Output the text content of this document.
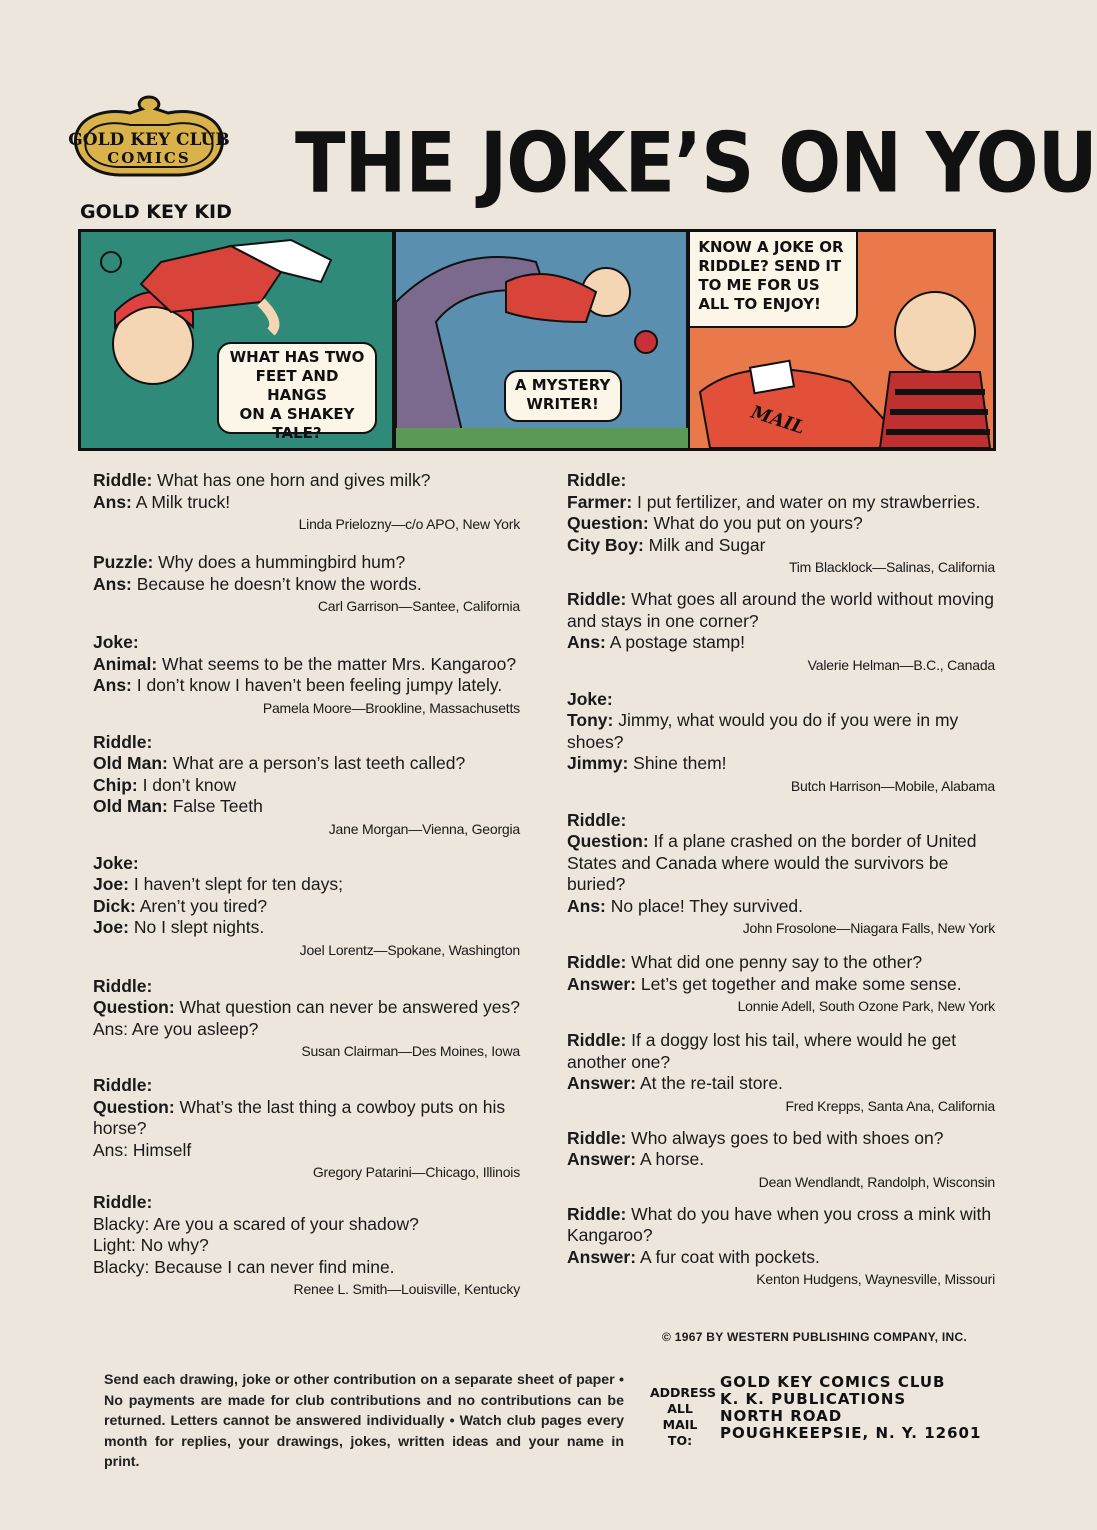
GOLD KEY CLUB
COMICS THE JOKE’S ON YOU
GOLD KEY KID
WHAT HAS TWO
FEET AND HANGS
ON A SHAKEY
TALE?
A MYSTERY
WRITER!	MAIL
KNOW A JOKE OR
RIDDLE? SEND IT
TO ME FOR US
ALL TO ENJOY!
Riddle: What has one horn and gives milk?
Ans: A Milk truck!
Linda Prielozny—c/o APO, New York
Puzzle: Why does a hummingbird hum?
Ans: Because he doesn’t know the words.
Carl Garrison—Santee, California
Joke:
Animal: What seems to be the matter Mrs. Kangaroo?
Ans: I don’t know I haven’t been feeling jumpy lately.
Pamela Moore—Brookline, Massachusetts
Riddle:
Old Man: What are a person’s last teeth called?
Chip: I don’t know
Old Man: False Teeth
Jane Morgan—Vienna, Georgia
Joke:
Joe: I haven’t slept for ten days;
Dick: Aren’t you tired?
Joe: No I slept nights.
Joel Lorentz—Spokane, Washington
Riddle:
Question: What question can never be answered yes?
Ans: Are you asleep?
Susan Clairman—Des Moines, Iowa
Riddle:
Question: What’s the last thing a cowboy puts on his horse?
Ans: Himself
Gregory Patarini—Chicago, Illinois
Riddle:
Blacky: Are you a scared of your shadow?
Light: No why?
Blacky: Because I can never find mine.
Renee L. Smith—Louisville, Kentucky
Riddle:
Farmer: I put fertilizer, and water on my strawberries.
Question: What do you put on yours?
City Boy: Milk and Sugar
Tim Blacklock—Salinas, California
Riddle: What goes all around the world without moving and stays in one corner?
Ans: A postage stamp!
Valerie Helman—B.C., Canada
Joke:
Tony: Jimmy, what would you do if you were in my shoes?
Jimmy: Shine them!
Butch Harrison—Mobile, Alabama
Riddle:
Question: If a plane crashed on the border of United States and Canada where would the survivors be buried?
Ans: No place! They survived.
John Frosolone—Niagara Falls, New York
Riddle: What did one penny say to the other?
Answer: Let’s get together and make some sense.
Lonnie Adell, South Ozone Park, New York
Riddle: If a doggy lost his tail, where would he get another one?
Answer: At the re-tail store.
Fred Krepps, Santa Ana, California
Riddle: Who always goes to bed with shoes on?
Answer: A horse.
Dean Wendlandt, Randolph, Wisconsin
Riddle: What do you have when you cross a mink with Kangaroo?
Answer: A fur coat with pockets.
Kenton Hudgens, Waynesville, Missouri
© 1967 BY WESTERN PUBLISHING COMPANY, INC.
Send each drawing, joke or other contribution on a separate sheet of paper • No payments are made for club contributions and no contributions can be returned. Letters cannot be answered individually • Watch club pages every month for replies, your drawings, jokes, written ideas and your name in print.
ADDRESS ALL MAIL TO:
GOLD KEY COMICS CLUB
K. K. PUBLICATIONS
NORTH ROAD
POUGHKEEPSIE, N. Y. 12601
